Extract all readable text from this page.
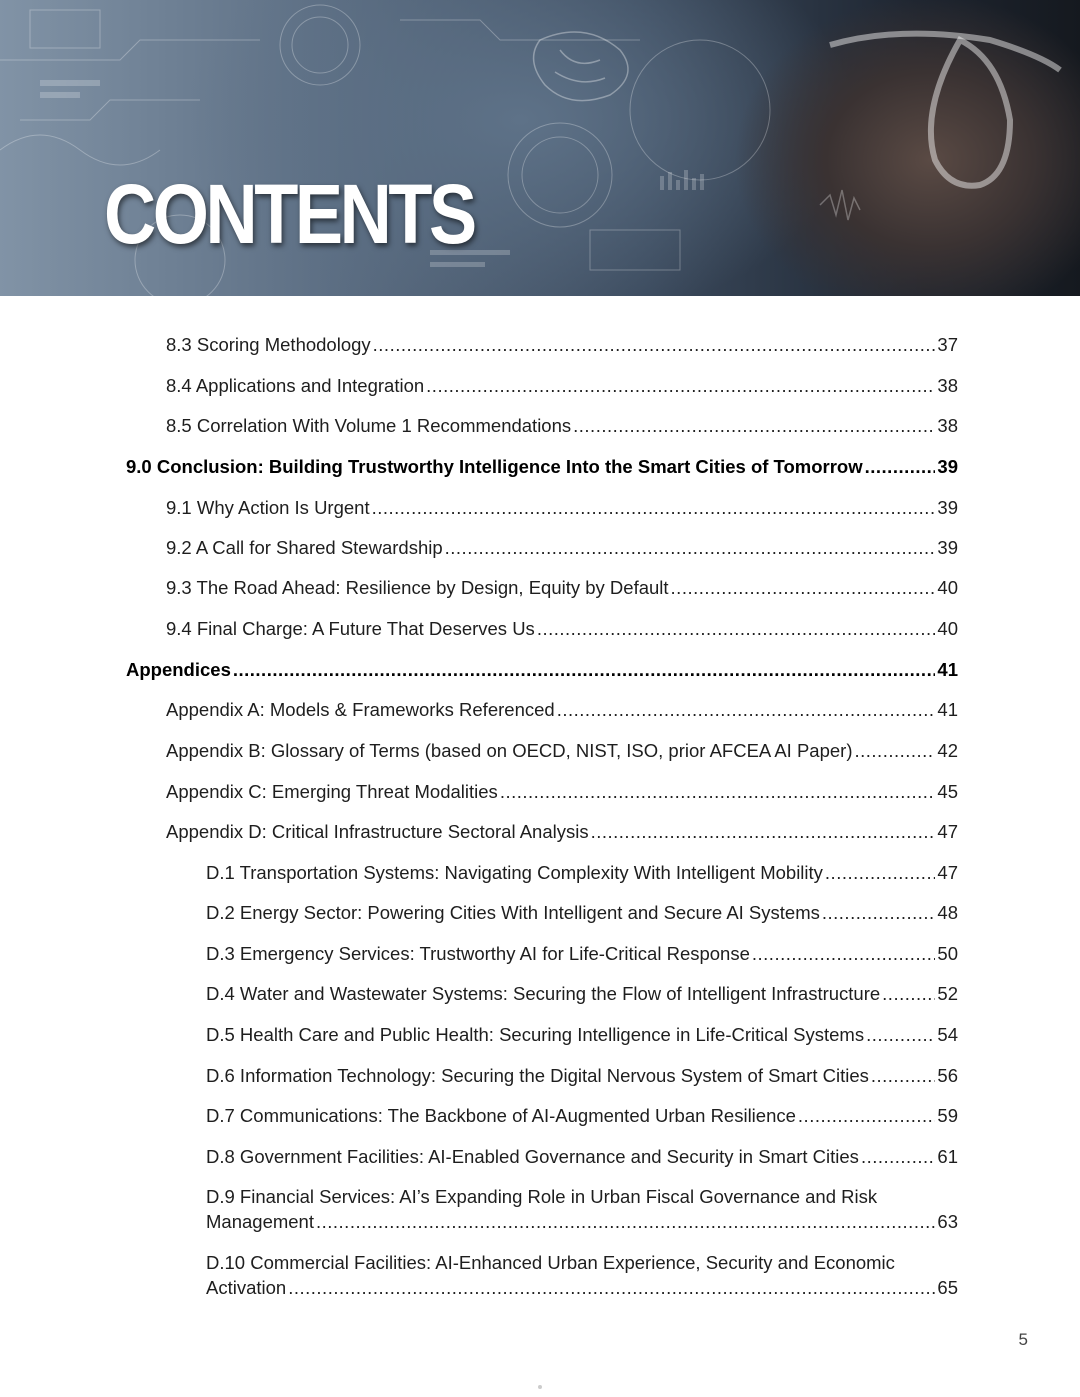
CONTENTS
8.3 Scoring Methodology .....	37
8.4 Applications and Integration .....	38
8.5 Correlation With Volume 1 Recommendations .....	38
9.0 Conclusion: Building Trustworthy Intelligence Into the Smart Cities of Tomorrow .....	39
9.1 Why Action Is Urgent .....	39
9.2 A Call for Shared Stewardship .....	39
9.3 The Road Ahead: Resilience by Design, Equity by Default .....	40
9.4 Final Charge: A Future That Deserves Us .....	40
Appendices .....	41
Appendix A: Models & Frameworks Referenced .....	41
Appendix B: Glossary of Terms (based on OECD, NIST, ISO, prior AFCEA AI Paper) .....	42
Appendix C: Emerging Threat Modalities .....	45
Appendix D: Critical Infrastructure Sectoral Analysis .....	47
D.1 Transportation Systems: Navigating Complexity With Intelligent Mobility .....	47
D.2 Energy Sector: Powering Cities With Intelligent and Secure AI Systems .....	48
D.3 Emergency Services: Trustworthy AI for Life-Critical Response .....	50
D.4 Water and Wastewater Systems: Securing the Flow of Intelligent Infrastructure .....	52
D.5 Health Care and Public Health: Securing Intelligence in Life-Critical Systems .....	54
D.6 Information Technology: Securing the Digital Nervous System of Smart Cities .....	56
D.7 Communications: The Backbone of AI-Augmented Urban Resilience .....	59
D.8 Government Facilities: AI-Enabled Governance and Security in Smart Cities .....	61
D.9 Financial Services: AI’s Expanding Role in Urban Fiscal Governance and Risk
Management .....	63
D.10 Commercial Facilities: AI-Enhanced Urban Experience, Security and Economic
Activation .....	65
5
